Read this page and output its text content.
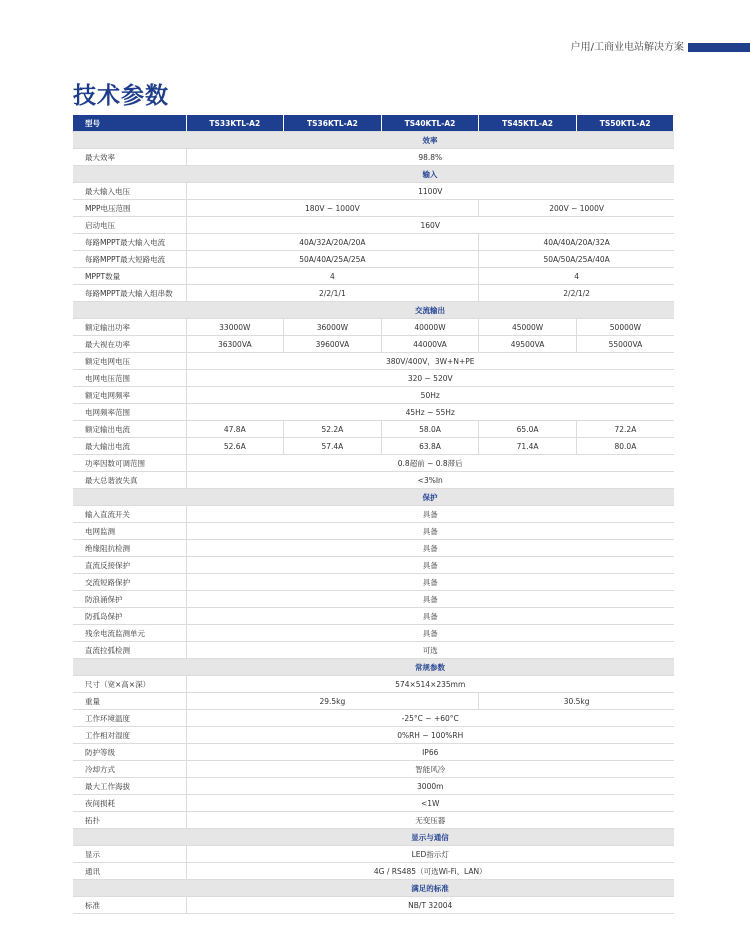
户用/工商业电站解决方案
技术参数
型号	TS33KTL-A2	TS36KTL-A2	TS40KTL-A2	TS45KTL-A2	TS50KTL-A2
	效率				
最大效率	98.8%				
	输入				
最大输入电压	1100V				
MPP电压范围	180V ~ 1000V			200V ~ 1000V	
启动电压	160V				
每路MPPT最大输入电流	40A/32A/20A/20A			40A/40A/20A/32A	
每路MPPT最大短路电流	50A/40A/25A/25A			50A/50A/25A/40A	
MPPT数量	4			4	
每路MPPT最大输入组串数	2/2/1/1			2/2/1/2	
	交流输出				
额定输出功率	33000W	36000W	40000W	45000W	50000W
最大视在功率	36300VA	39600VA	44000VA	49500VA	55000VA
额定电网电压	380V/400V，3W+N+PE				
电网电压范围	320 ~ 520V				
额定电网频率	50Hz				
电网频率范围	45Hz ~ 55Hz				
额定输出电流	47.8A	52.2A	58.0A	65.0A	72.2A
最大输出电流	52.6A	57.4A	63.8A	71.4A	80.0A
功率因数可调范围	0.8超前 ~ 0.8滞后				
最大总谐波失真	<3%In				
	保护				
输入直流开关	具备				
电网监测	具备				
绝缘阻抗检测	具备				
直流反接保护	具备				
交流短路保护	具备				
防浪涌保护	具备				
防孤岛保护	具备				
残余电流监测单元	具备				
直流拉弧检测	可选				
	常规参数				
尺寸（宽×高×深）	574×514×235mm				
重量	29.5kg			30.5kg	
工作环境温度	-25°C ~ +60°C				
工作相对湿度	0%RH ~ 100%RH				
防护等级	IP66				
冷却方式	智能风冷				
最大工作海拔	3000m				
夜间损耗	<1W				
拓扑	无变压器				
	显示与通信				
显示	LED指示灯				
通讯	4G / RS485（可选Wi-Fi、LAN）				
	满足的标准				
标准	NB/T 32004				
